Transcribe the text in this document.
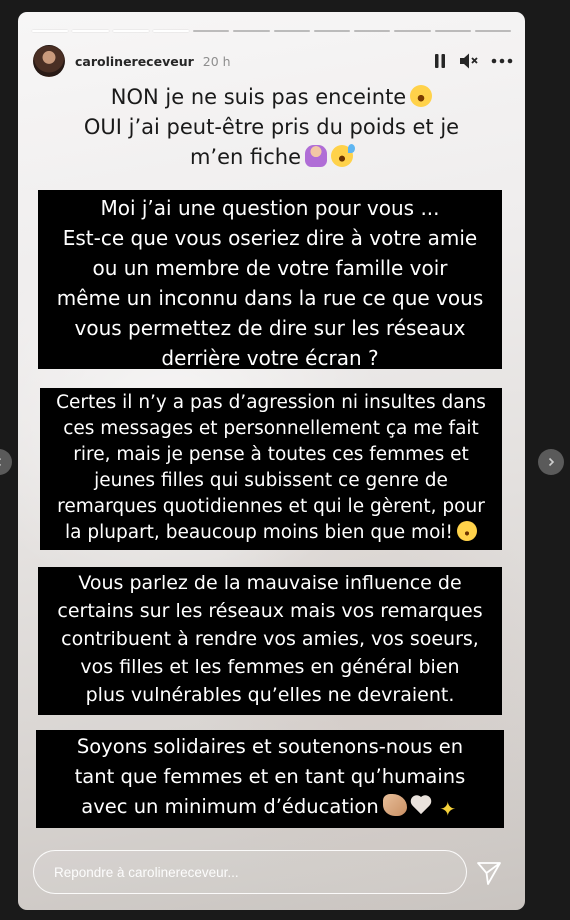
carolinereceveur 20 h
NON je ne suis pas enceinte
OUI j’ai peut-être pris du poids et je
m’en fiche
Moi j’ai une question pour vous ...
Est-ce que vous oseriez dire à votre amie
ou un membre de votre famille voir
même un inconnu dans la rue ce que vous
vous permettez de dire sur les réseaux
derrière votre écran ?
Certes il n’y a pas d’agression ni insultes dans
ces messages et personnellement ça me fait
rire, mais je pense à toutes ces femmes et
jeunes filles qui subissent ce genre de
remarques quotidiennes et qui le gèrent, pour
la plupart, beaucoup moins bien que moi!
Vous parlez de la mauvaise influence de
certains sur les réseaux mais vos remarques
contribuent à rendre vos amies, vos soeurs,
vos filles et les femmes en général bien
plus vulnérables qu’elles ne devraient.
Soyons solidaires et soutenons-nous en
tant que femmes et en tant qu’humains
avec un minimum d’éducation	✦
Repondre à carolinereceveur...
